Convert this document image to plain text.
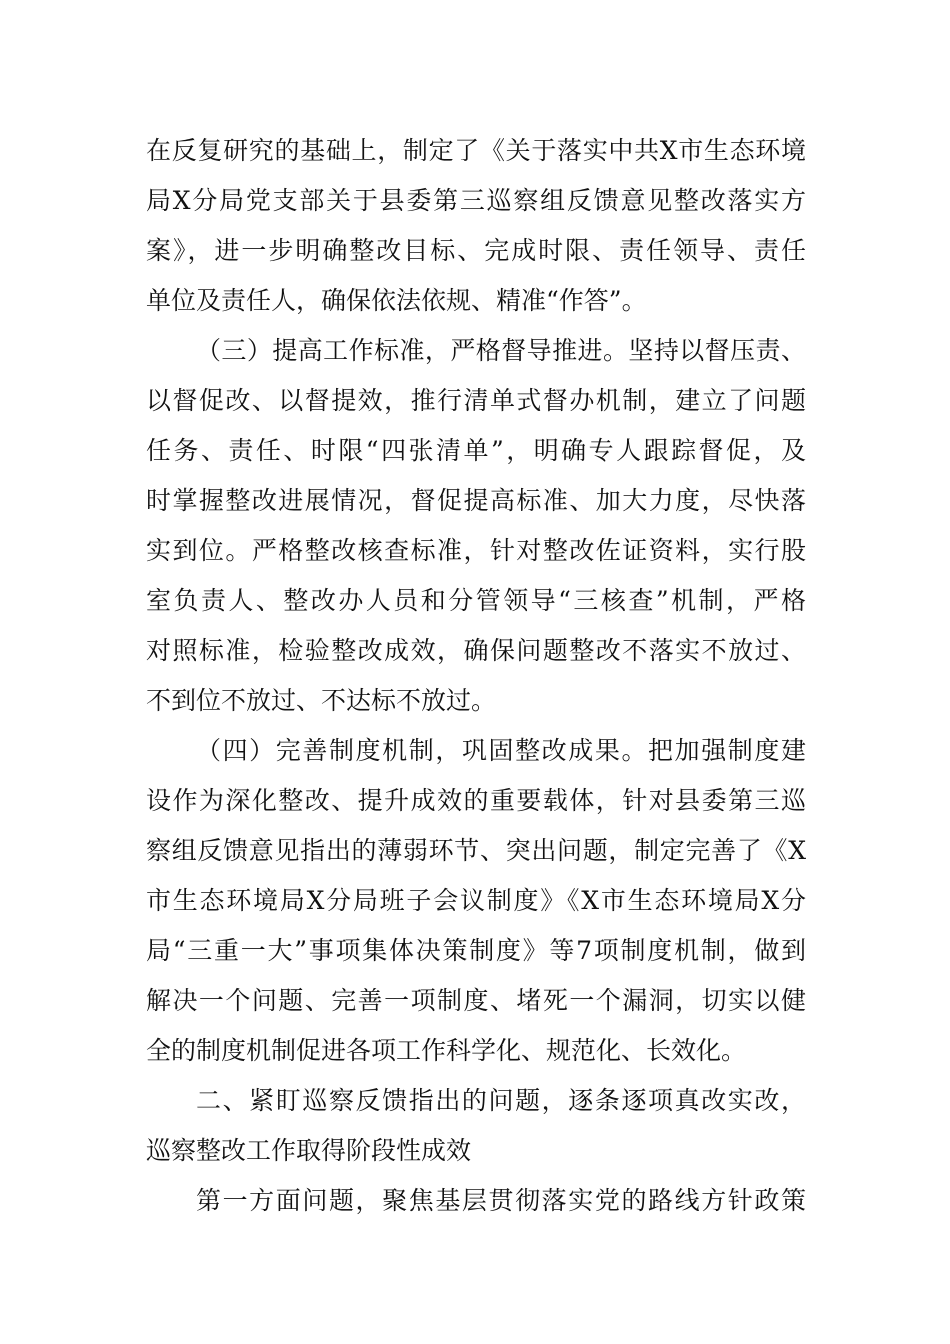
在反复研究的基础上，制定了《关于落实中共X市生态环境
局X分局党支部关于县委第三巡察组反馈意见整改落实方
案》，进一步明确整改目标、完成时限、责任领导、责任
单位及责任人，确保依法依规、精准“作答”。
（三）提高工作标准，严格督导推进。坚持以督压责、
以督促改、以督提效，推行清单式督办机制，建立了问题
任务、责任、时限“四张清单”，明确专人跟踪督促，及
时掌握整改进展情况，督促提高标准、加大力度，尽快落
实到位。严格整改核查标准，针对整改佐证资料，实行股
室负责人、整改办人员和分管领导“三核查”机制，严格
对照标准，检验整改成效，确保问题整改不落实不放过、
不到位不放过、不达标不放过。
（四）完善制度机制，巩固整改成果。把加强制度建
设作为深化整改、提升成效的重要载体，针对县委第三巡
察组反馈意见指出的薄弱环节、突出问题，制定完善了《X
市生态环境局X分局班子会议制度》《X市生态环境局X分
局“三重一大”事项集体决策制度》等7项制度机制，做到
解决一个问题、完善一项制度、堵死一个漏洞，切实以健
全的制度机制促进各项工作科学化、规范化、长效化。
二、紧盯巡察反馈指出的问题，逐条逐项真改实改，
巡察整改工作取得阶段性成效
第一方面问题，聚焦基层贯彻落实党的路线方针政策
